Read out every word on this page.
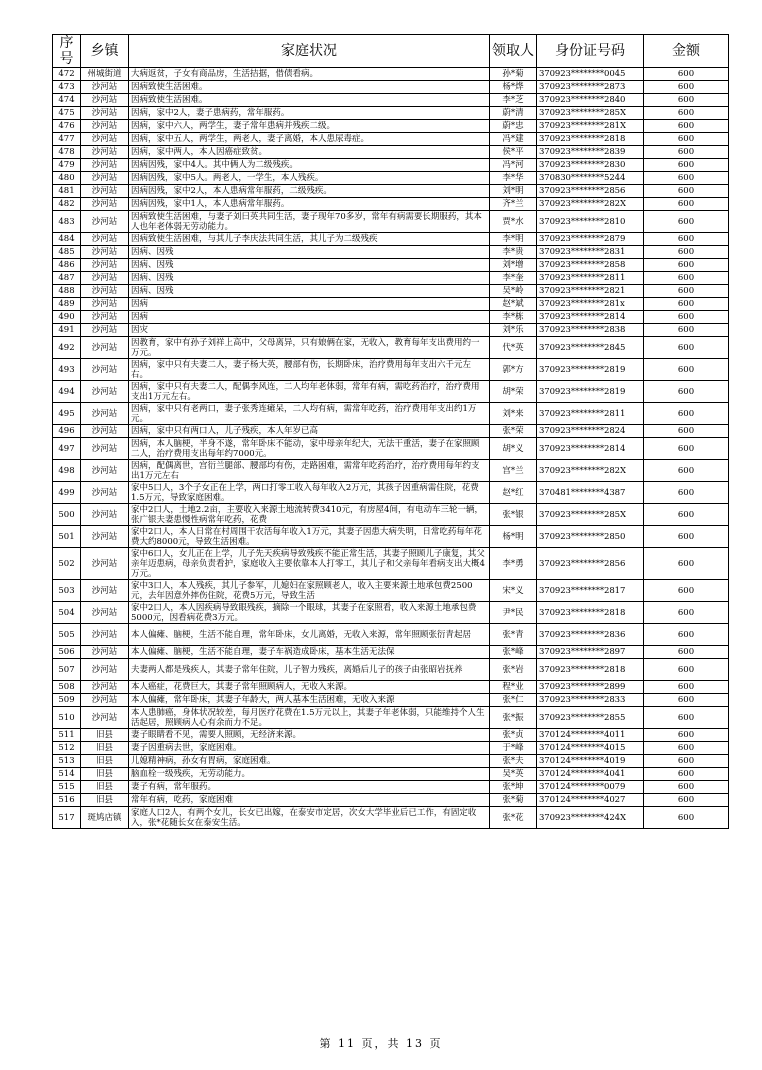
序号	乡镇	家庭状况	领取人	身份证号码	金额
472	州城街道	大病返贫，子女有商品房，生活拮据，借债看病。	孙*菊	370923********0045	600
473	沙河站	因病致使生活困难。	杨*烨	370923********2873	600
474	沙河站	因病致使生活困难。	李*芝	370923********2840	600
475	沙河站	因病，家中2人，妻子患病药，常年服药。	蔚*清	370923********285X	600
476	沙河站	因病，家中六人，两学生，妻子常年患病并残疾二级。	蔚*忠	370923********281X	600
477	沙河站	因病，家中五人，两学生，两老人，妻子离婚，本人患尿毒症。	冯*建	370923********2818	600
478	沙河站	因病，家中两人，本人因癌症致贫。	侯*平	370923********2839	600
479	沙河站	因病因残，家中4人。其中俩人为二级残疾。	冯*河	370923********2830	600
480	沙河站	因病因残，家中5人。两老人，一学生，本人残疾。	李*华	370830********5244	600
481	沙河站	因病因残，家中2人，本人患病常年服药，二级残疾。	刘*明	370923********2856	600
482	沙河站	因病因残，家中1人，本人患病常年服药。	齐*兰	370923********282X	600
483	沙河站	因病致使生活困难，与妻子刘曰英共同生活，妻子现年70多岁，常年有病需要长期服药，其本人也年老体弱无劳动能力。	贾*水	370923********2810	600
484	沙河站	因病致使生活困难，与其儿子李庆法共同生活，其儿子为二级残疾	李*明	370923********2879	600
485	沙河站	因病、因残	李*贵	370923********2831	600
486	沙河站	因病、因残	刘*增	370923********2858	600
487	沙河站	因病、因残	李*奎	370923********2811	600
488	沙河站	因病、因残	吴*岭	370923********2821	600
489	沙河站	因病	赵*斌	370923********281x	600
490	沙河站	因病	李*栋	370923********2814	600
491	沙河站	因灾	刘*乐	370923********2838	600
492	沙河站	因教育，家中有孙子刘祥上高中，父母离异，只有娘俩在家，无收入，教育每年支出费用约一万元。	代*英	370923********2845	600
493	沙河站	因病，家中只有夫妻二人，妻子杨大英，腰部有伤，长期卧床，治疗费用每年支出六千元左右。	郭*方	370923********2819	600
494	沙河站	因病，家中只有夫妻二人，配偶李风连，二人均年老体弱，常年有病，需吃药治疗，治疗费用支出1万元左右。	胡*荣	370923********2819	600
495	沙河站	因病，家中只有老两口，妻子张秀连瘫呆，二人均有病，需常年吃药，治疗费用年支出约1万元。	刘*来	370923********2811	600
496	沙河站	因病，家中只有两口人，儿子残疾，本人年岁已高	张*荣	370923********2824	600
497	沙河站	因病，本人脑梗，半身不遂，常年卧床不能动，家中母亲年纪大，无法干重活，妻子在家照顾二人，治疗费用支出每年约7000元。	胡*义	370923********2814	600
498	沙河站	因病，配偶离世，宫衍兰腿部、腰部均有伤，走路困难，需常年吃药治疗，治疗费用每年约支出1万元左右	宫*兰	370923********282X	600
499	沙河站	家中5口人，3个子女正在上学，两口打零工收入每年收入2万元，其孩子因重病需住院，花费1.5万元，导致家庭困难。	赵*红	370481********4387	600
500	沙河站	家中2口人，土地2.2亩，主要收入来源土地流转费3410元，有房屋4间，有电动车三轮一辆，张广银夫妻患慢性病常年吃药，花费	张*银	370923********285X	600
501	沙河站	家中2口人，本人日常在村周围干农活每年收入1万元，其妻子因患大病失明，日常吃药每年花费大约8000元，导致生活困难。	杨*明	370923********2850	600
502	沙河站	家中6口人，女儿正在上学，儿子先天疾病导致残疾不能正常生活，其妻子照顾儿子康复，其父亲年迈患病，母亲负责看护，家庭收入主要依靠本人打零工，其儿子和父亲每年看病支出大概4万元。	李*勇	370923********2856	600
503	沙河站	家中3口人，本人残疾，其儿子参军，儿媳妇在家照顾老人，收入主要来源土地承包费2500元，去年因意外摔伤住院，花费5万元，导致生活	宋*义	370923********2817	600
504	沙河站	家中2口人，本人因疾病导致眼残疾，摘除一个眼球，其妻子在家照看，收入来源土地承包费5000元，因看病花费3万元。	尹*民	370923********2818	600
505	沙河站	本人偏瘫、脑梗，生活不能自理，常年卧床，女儿离婚，无收入来源，常年照顾张衍青起居	张*青	370923********2836	600
506	沙河站	本人偏瘫、脑梗，生活不能自理，妻子车祸造成卧床，基本生活无法保	张*峰	370923********2897	600
507	沙河站	夫妻两人都是残疾人，其妻子常年住院，儿子智力残疾，离婚后儿子的孩子由张昭岩抚养	张*岩	370923********2818	600
508	沙河站	本人癌症，花费巨大，其妻子常年照顾病人，无收入来源。	程*业	370923********2899	600
509	沙河站	本人偏瘫，常年卧床，其妻子年龄大，两人基本生活困难，无收入来源	张*仁	370923********2833	600
510	沙河站	本人患肺癌，身体状况较差，每月医疗花费在1.5万元以上，其妻子年老体弱，只能维持个人生活起居，照顾病人心有余而力不足。	张*振	370923********2855	600
511	旧县	妻子眼睛看不见，需要人照顾，无经济来源。	张*贞	370124********4011	600
512	旧县	妻子因重病去世，家庭困难。	于*峰	370124********4015	600
513	旧县	儿媳精神病，孙女有胃病，家庭困难。	张*夫	370124********4019	600
514	旧县	脑血栓一级残疾，无劳动能力。	吴*英	370124********4041	600
515	旧县	妻子有病，常年服药。	张*坤	370124********0079	600
516	旧县	常年有病，吃药，家庭困难	张*菊	370124********4027	600
517	斑鸠店镇	家庭人口2人，有两个女儿，长女已出嫁，在泰安市定居，次女大学毕业后已工作，有固定收入，张*花随长女在泰安生活。	张*花	370923********424X	600
第 11 页，共 13 页
